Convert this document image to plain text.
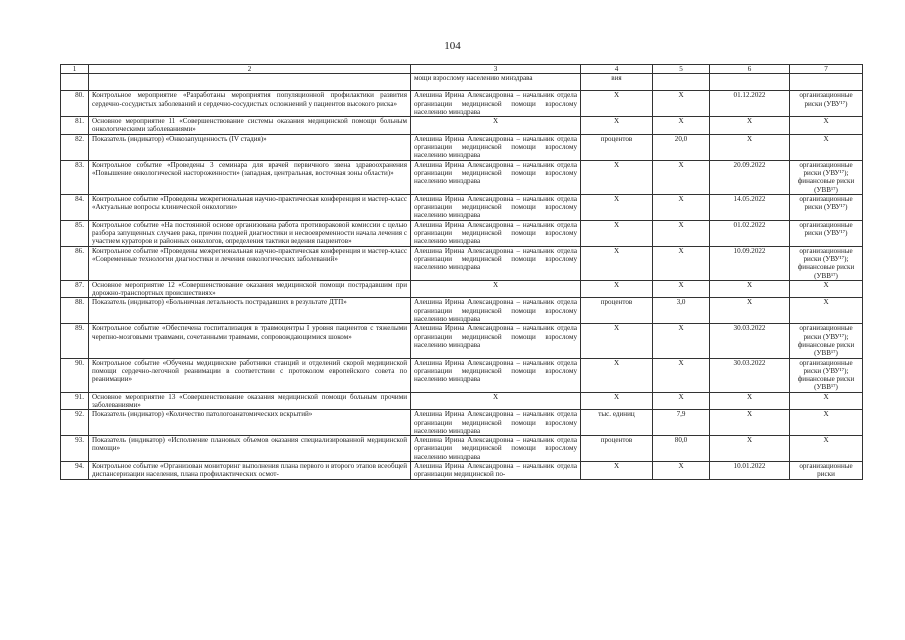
104
1	2	3	4	5	6	7
		мощи взрослому населению минздрава	вия			
80.	Контрольное мероприятие «Разработаны мероприятия популяционной профилактики развития сердечно-сосудистых заболеваний и сердечно-сосудистых осложнений у пациентов высокого риска»	Алешина Ирина Александровна – начальник отдела организации медицинской помощи взрослому населению минздрава	X	X	01.12.2022	организационные риски (УВУ¹⁷)
81.	Основное мероприятие 11 «Совершенствование системы оказания медицинской помощи больным онкологическими заболеваниями»	X	X	X	X	X
82.	Показатель (индикатор) «Онкозапущенность (IV стадия)»	Алешина Ирина Александровна – начальник отдела организации медицинской помощи взрослому населению минздрава	процентов	20,0	X	X
83.	Контрольное событие «Проведены 3 семинара для врачей первичного звена здравоохранения «Повышение онкологической настороженности» (западная, центральная, восточная зоны области)»	Алешина Ирина Александровна – начальник отдела организации медицинской помощи взрослому населению минздрава	X	X	20.09.2022	организационные риски (УВУ¹⁷); финансовые риски (УВВ¹⁷)
84.	Контрольное событие «Проведены межрегиональная научно-практическая конференция и мастер-класс «Актуальные вопросы клинической онкологии»	Алешина Ирина Александровна – начальник отдела организации медицинской помощи взрослому населению минздрава	X	X	14.05.2022	организационные риски (УВУ¹⁷)
85.	Контрольное событие «На постоянной основе организована работа противораковой комиссии с целью разбора запущенных случаев рака, причин поздней диагностики и несвоевременности начала лечения с участием кураторов и районных онкологов, определения тактики ведения пациентов»	Алешина Ирина Александровна – начальник отдела организации медицинской помощи взрослому населению минздрава	X	X	01.02.2022	организационные риски (УВУ¹⁷)
86.	Контрольное событие «Проведены межрегиональная научно-практическая конференция и мастер-класс «Современные технологии диагностики и лечения онкологических заболеваний»	Алешина Ирина Александровна – начальник отдела организации медицинской помощи взрослому населению минздрава	X	X	10.09.2022	организационные риски (УВУ¹⁷); финансовые риски (УВВ¹⁷)
87.	Основное мероприятие 12 «Совершенствование оказания медицинской помощи пострадавшим при дорожно-транспортных происшествиях»	X	X	X	X	X
88.	Показатель (индикатор) «Больничная летальность пострадавших в результате ДТП»	Алешина Ирина Александровна – начальник отдела организации медицинской помощи взрослому населению минздрава	процентов	3,0	X	X
89.	Контрольное событие «Обеспечена госпитализация в травмоцентры I уровня пациентов с тяжелыми черепно-мозговыми травмами, сочетанными травмами, сопровождающимися шоком»	Алешина Ирина Александровна – начальник отдела организации медицинской помощи взрослому населению минздрава	X	X	30.03.2022	организационные риски (УВУ¹⁷); финансовые риски (УВВ¹⁷)
90.	Контрольное событие «Обучены медицинские работники станций и отделений скорой медицинской помощи сердечно-легочной реанимации в соответствии с протоколом европейского совета по реанимации»	Алешина Ирина Александровна – начальник отдела организации медицинской помощи взрослому населению минздрава	X	X	30.03.2022	организационные риски (УВУ¹⁷); финансовые риски (УВВ¹⁷)
91.	Основное мероприятие 13 «Совершенствование оказания медицинской помощи больным прочими заболеваниями»	X	X	X	X	X
92.	Показатель (индикатор) «Количество патологоанатомических вскрытий»	Алешина Ирина Александровна – начальник отдела организации медицинской помощи взрослому населению минздрава	тыс. единиц	7,9	X	X
93.	Показатель (индикатор) «Исполнение плановых объемов оказания специализированной медицинской помощи»	Алешина Ирина Александровна – начальник отдела организации медицинской помощи взрослому населению минздрава	процентов	80,0	X	X
94.	Контрольное событие «Организован мониторинг выполнения плана первого и второго этапов всеобщей диспансеризации населения, плана профилактических осмот-	Алешина Ирина Александровна – начальник отдела организации медицинской по-	X	X	10.01.2022	организационные риски
